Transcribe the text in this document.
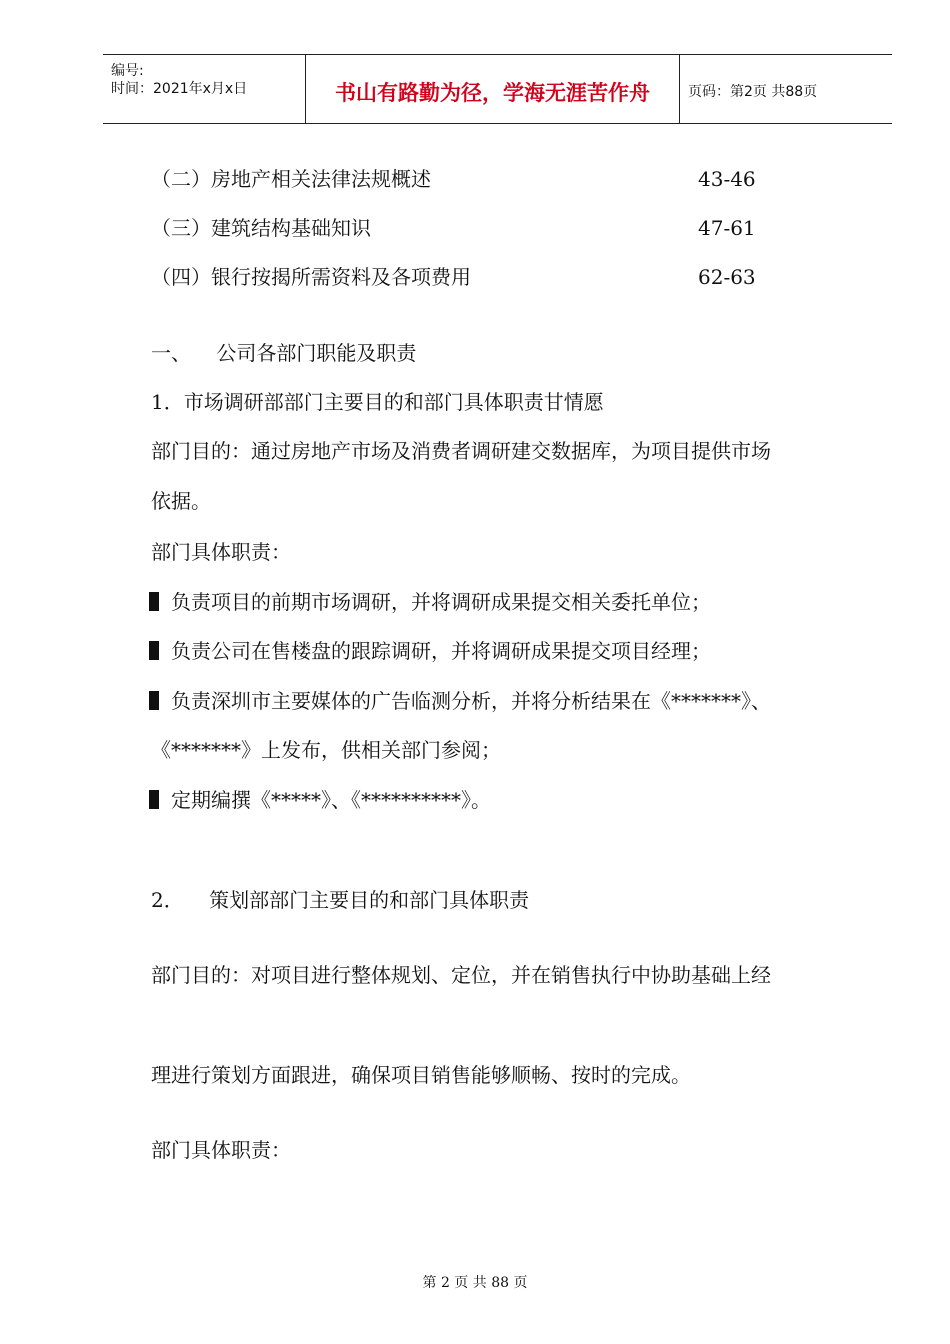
编号:
时间：2021年x月x日	书山有路勤为径，学海无涯苦作舟	页码：第2页 共88页
（二）房地产相关法律法规概述	43-46
（三）建筑结构基础知识	47-61
（四）银行按揭所需资料及各项费用	62-63
一、    公司各部门职能及职责
1．市场调研部部门主要目的和部门具体职责甘情愿
部门目的：通过房地产市场及消费者调研建交数据库，为项目提供市场
依据。
部门具体职责：
负责项目的前期市场调研，并将调研成果提交相关委托单位；
负责公司在售楼盘的跟踪调研，并将调研成果提交项目经理；
负责深圳市主要媒体的广告临测分析，并将分析结果在《*******》、
《*******》上发布，供相关部门参阅；
定期编撰《*****》、《**********》。
2．    策划部部门主要目的和部门具体职责
部门目的：对项目进行整体规划、定位，并在销售执行中协助基础上经
理进行策划方面跟进，确保项目销售能够顺畅、按时的完成。
部门具体职责：
第 2 页 共 88 页
